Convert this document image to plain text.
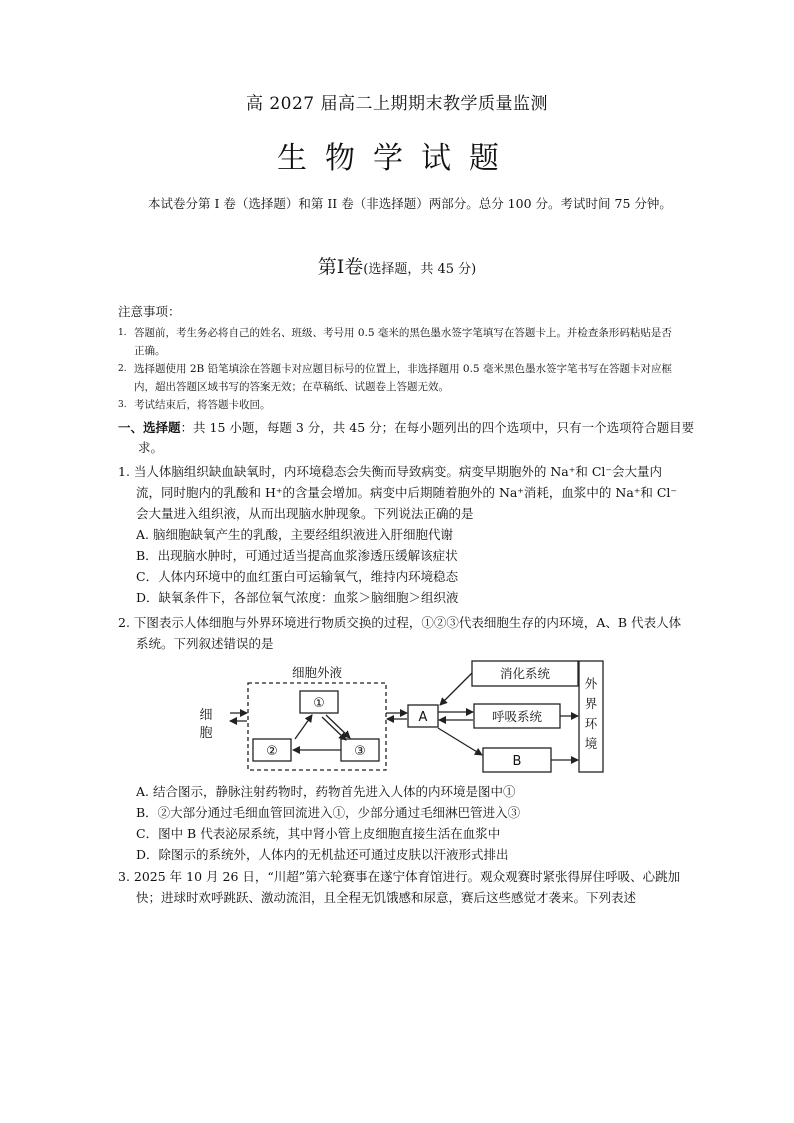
高 2027 届高二上期期末教学质量监测
生物学试题
本试卷分第 I 卷（选择题）和第 II 卷（非选择题）两部分。总分 100 分。考试时间 75 分钟。
第Ⅰ卷(选择题，共 45 分)
注意事项：
1. 答题前，考生务必将自己的姓名、班级、考号用 0.5 毫米的黑色墨水签字笔填写在答题卡上。并检查条形码粘贴是否正确。
2. 选择题使用 2B 铅笔填涂在答题卡对应题目标号的位置上，非选择题用 0.5 毫米黑色墨水签字笔书写在答题卡对应框内，超出答题区域书写的答案无效；在草稿纸、试题卷上答题无效。
3. 考试结束后，将答题卡收回。
一、选择题：共 15 小题，每题 3 分，共 45 分；在每小题列出的四个选项中，只有一个选项符合题目要求。
1. 当人体脑组织缺血缺氧时，内环境稳态会失衡而导致病变。病变早期胞外的 Na⁺和 Cl⁻会大量内流，同时胞内的乳酸和 H⁺的含量会增加。病变中后期随着胞外的 Na⁺消耗，血浆中的 Na⁺和 Cl⁻会大量进入组织液，从而出现脑水肿现象。下列说法正确的是
A. 脑细胞缺氧产生的乳酸，主要经组织液进入肝细胞代谢
B．出现脑水肿时，可通过适当提高血浆渗透压缓解该症状
C．人体内环境中的血红蛋白可运输氧气，维持内环境稳态
D．缺氧条件下，各部位氧气浓度：血浆＞脑细胞＞组织液
2. 下图表示人体细胞与外界环境进行物质交换的过程，①②③代表细胞生存的内环境，A、B 代表人体系统。下列叙述错误的是
细胞外液
细
胞
①
②	③
A
消化系统
呼吸系统
B
外
界
环
境
A. 结合图示，静脉注射药物时，药物首先进入人体的内环境是图中①
B．②大部分通过毛细血管回流进入①，少部分通过毛细淋巴管进入③
C．图中 B 代表泌尿系统，其中肾小管上皮细胞直接生活在血浆中
D．除图示的系统外，人体内的无机盐还可通过皮肤以汗液形式排出
3. 2025 年 10 月 26 日，“川超”第六轮赛事在遂宁体育馆进行。观众观赛时紧张得屏住呼吸、心跳加快；进球时欢呼跳跃、激动流泪，且全程无饥饿感和尿意，赛后这些感觉才袭来。下列表述
